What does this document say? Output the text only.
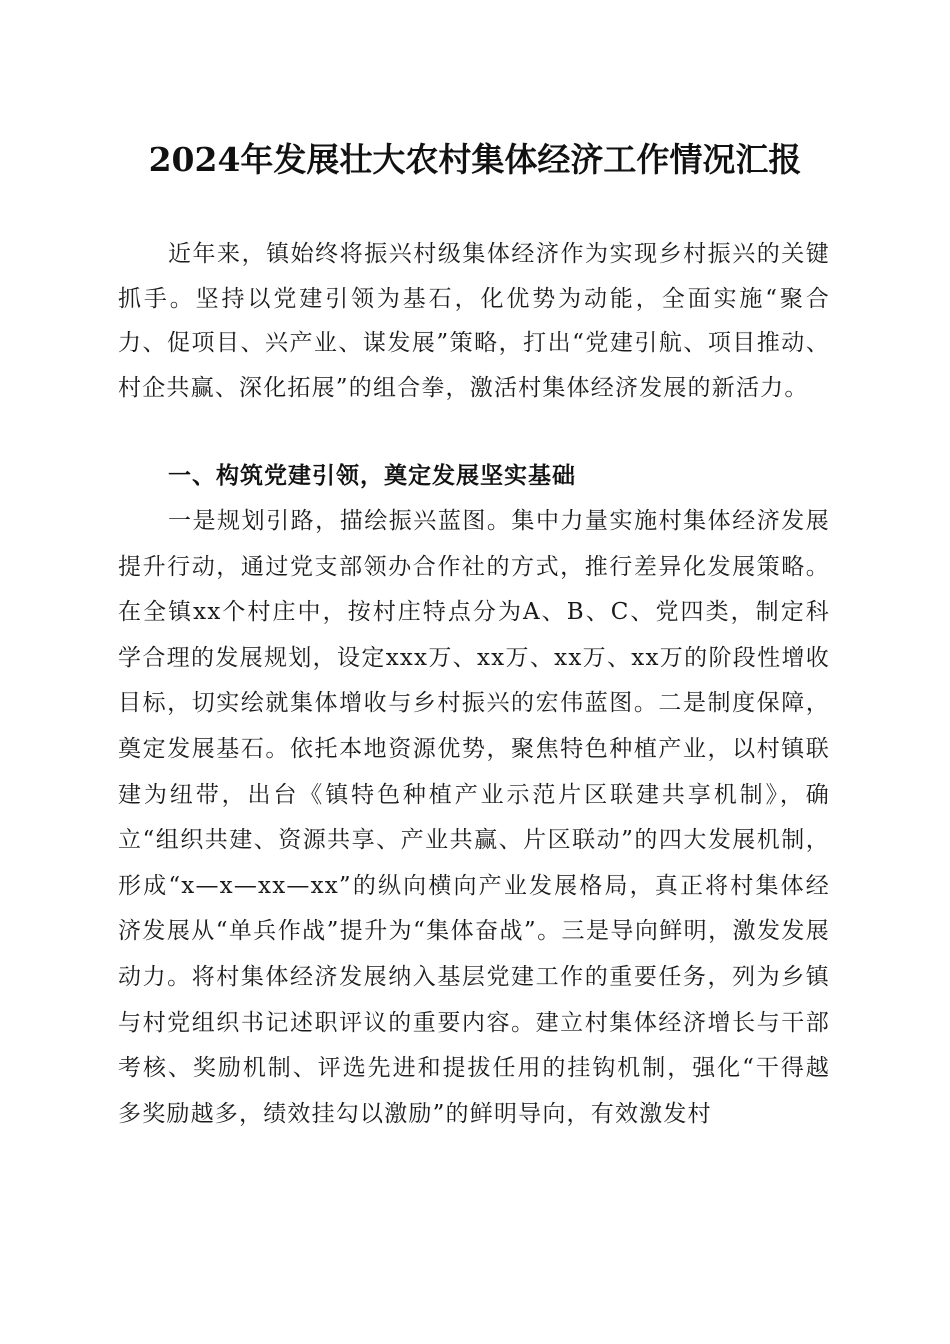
2024年发展壮大农村集体经济工作情况汇报
近年来，镇始终将振兴村级集体经济作为实现乡村振兴的关键抓手。坚持以党建引领为基石，化优势为动能，全面实施“聚合力、促项目、兴产业、谋发展”策略，打出“党建引航、项目推动、村企共赢、深化拓展”的组合拳，激活村集体经济发展的新活力。
一、构筑党建引领，奠定发展坚实基础
一是规划引路，描绘振兴蓝图。集中力量实施村集体经济发展提升行动，通过党支部领办合作社的方式，推行差异化发展策略。在全镇xx个村庄中，按村庄特点分为A、B、C、党四类，制定科学合理的发展规划，设定xxx万、xx万、xx万、xx万的阶段性增收目标，切实绘就集体增收与乡村振兴的宏伟蓝图。二是制度保障，奠定发展基石。依托本地资源优势，聚焦特色种植产业，以村镇联建为纽带，出台《镇特色种植产业示范片区联建共享机制》，确立“组织共建、资源共享、产业共赢、片区联动”的四大发展机制，形成“x—x—xx—xx”的纵向横向产业发展格局，真正将村集体经济发展从“单兵作战”提升为“集体奋战”。三是导向鲜明，激发发展动力。将村集体经济发展纳入基层党建工作的重要任务，列为乡镇与村党组织书记述职评议的重要内容。建立村集体经济增长与干部考核、奖励机制、评选先进和提拔任用的挂钩机制，强化“干得越多奖励越多，绩效挂勾以激励”的鲜明导向，有效激发村
